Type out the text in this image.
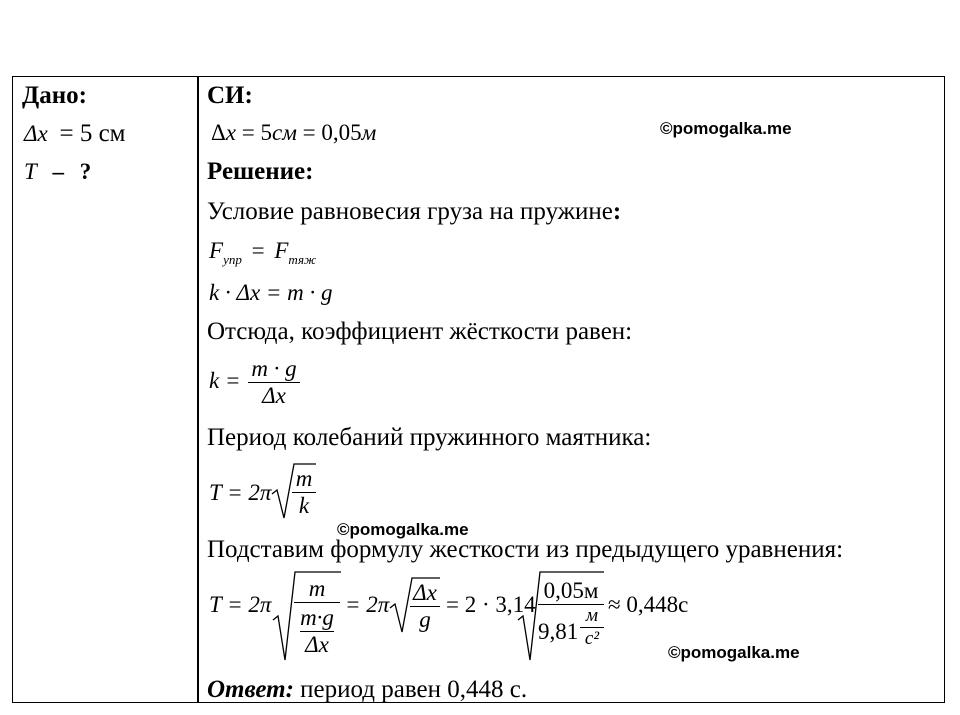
Дано:
Δx = 5 см
T – ?
СИ:
Δx = 5см = 0,05м
Решение:
Условие равновесия груза на пружине:
$F_{упр} = F_{тяж}$
k · Δx = m · g
Отсюда, коэффициент жёсткости равен:
k = m · g
Δx
Период колебаний пружинного маятника:
T = 2π
m
k
Подставим формулу жесткости из предыдущего уравнения:
T = 2π
m
m·g
Δx
= 2π Δx
g
= 2 · 3,14
0,05м
9,81
м
с²
≈ 0,448с
Ответ: период равен 0,448 с.
©pomogalka.me
©pomogalka.me
©pomogalka.me
